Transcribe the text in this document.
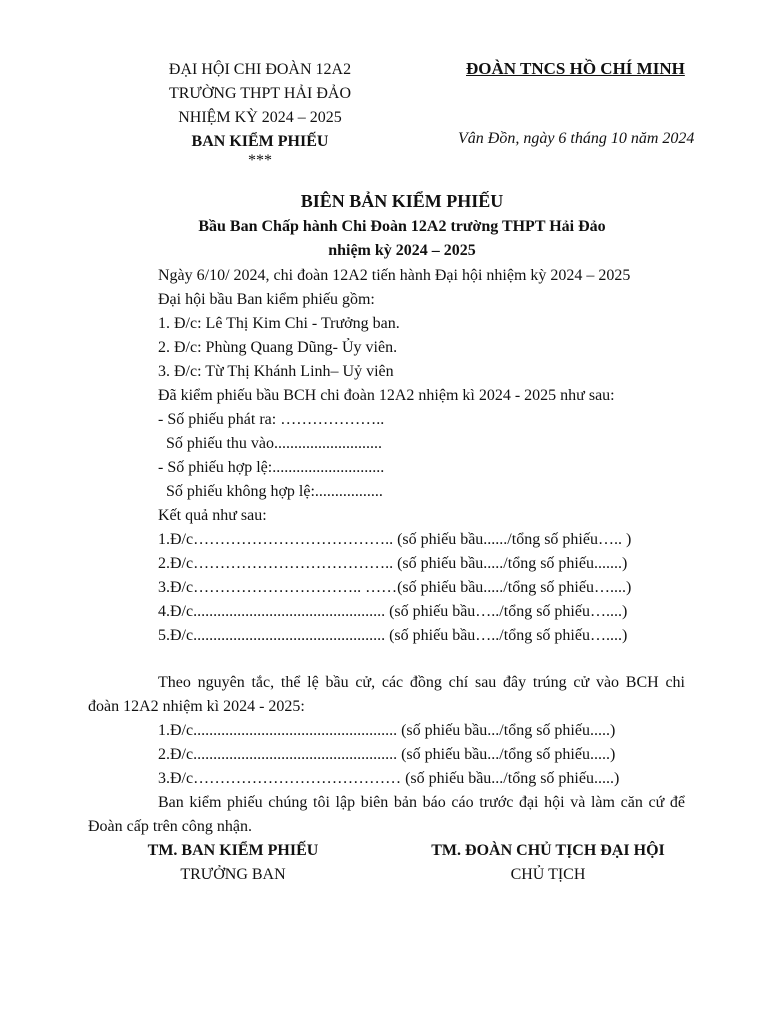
ĐẠI HỘI CHI ĐOÀN 12A2
TRƯỜNG THPT HẢI ĐẢO
NHIỆM KỲ 2024 – 2025
BAN KIỂM PHIẾU
***
ĐOÀN TNCS HỒ CHÍ MINH
Vân Đồn, ngày 6 tháng 10 năm 2024
BIÊN BẢN KIỂM PHIẾU
Bầu Ban Chấp hành Chi Đoàn 12A2 trường THPT Hải Đảo
nhiệm kỳ 2024 – 2025
Ngày 6/10/ 2024, chi đoàn 12A2 tiến hành Đại hội nhiệm kỳ 2024 – 2025
Đại hội bầu Ban kiểm phiếu gồm:
1. Đ/c: Lê Thị Kim Chi - Trưởng ban.
2. Đ/c: Phùng Quang Dũng- Ủy viên.
3. Đ/c: Từ Thị Khánh Linh– Uỷ viên
Đã kiểm phiếu bầu BCH chi đoàn 12A2 nhiệm kì 2024 - 2025 như sau:
- Số phiếu phát ra: ………………..
Số phiếu thu vào...........................
- Số phiếu hợp lệ:............................
Số phiếu không hợp lệ:.................
Kết quả như sau:
1.Đ/c……………………………….. (số phiếu bầu....../tổng số phiếu….. )
2.Đ/c……………………………….. (số phiếu bầu...../tổng số phiếu.......)
3.Đ/c………………………….. ……(số phiếu bầu...../tổng số phiếu…....)
4.Đ/c................................................ (số phiếu bầu…../tổng số phiếu…....)
5.Đ/c................................................ (số phiếu bầu…../tổng số phiếu…....)
Theo nguyên tắc, thể lệ bầu cử, các đồng chí sau đây trúng cử vào BCH chi
đoàn 12A2 nhiệm kì 2024 - 2025:
1.Đ/c................................................... (số phiếu bầu.../tổng số phiếu.....)
2.Đ/c................................................... (số phiếu bầu.../tổng số phiếu.....)
3.Đ/c………………………………… (số phiếu bầu.../tổng số phiếu.....)
Ban kiểm phiếu chúng tôi lập biên bản báo cáo trước đại hội và làm căn cứ để
Đoàn cấp trên công nhận.
TM. BAN KIỂM PHIẾU
TRƯỞNG BAN
TM. ĐOÀN CHỦ TỊCH ĐẠI HỘI
CHỦ TỊCH
